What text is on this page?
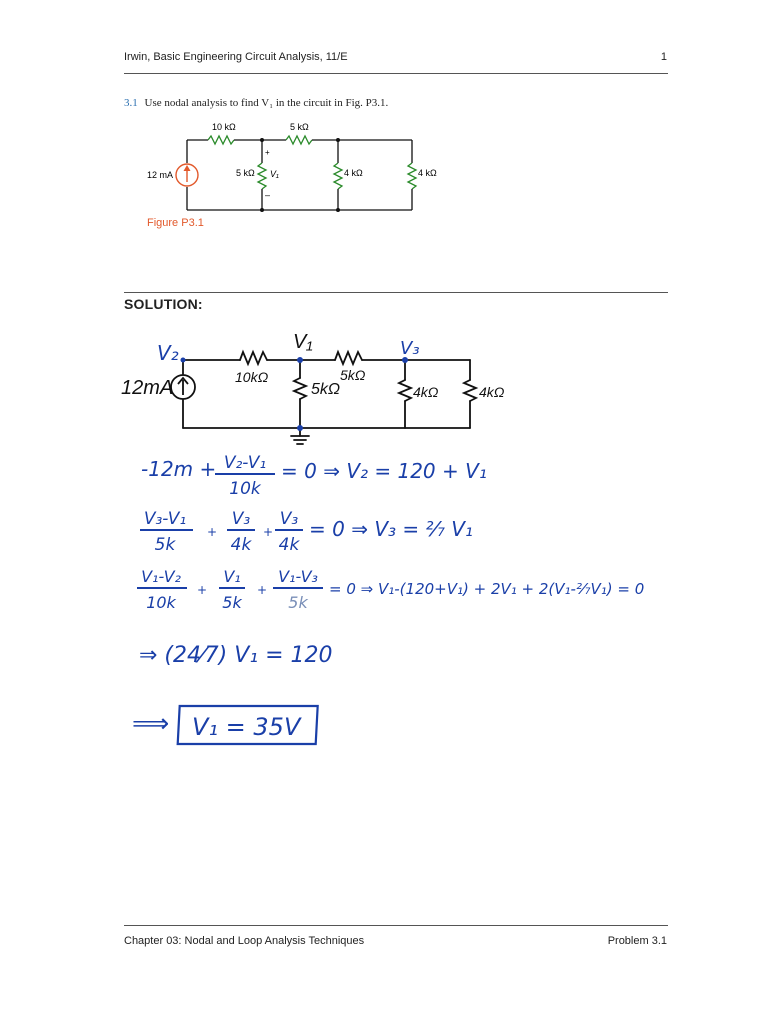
Irwin, Basic Engineering Circuit Analysis, 11/E	1
3.1 Use nodal analysis to find V₁ in the circuit in Fig. P3.1.
12 mA
10 kΩ	5 kΩ
5 kΩ
+
V₁
–
4 kΩ	4 kΩ
Figure P3.1
SOLUTION:
V₂	V₁	V₃
12mA	10kΩ
5kΩ
5kΩ
4kΩ	4kΩ
-12m + V₂-V₁
10k
= 0 ⇒ V₂ = 120 + V₁
V₃-V₁
5k
+
V₃
4k
+
V₃
4k
= 0 ⇒ V₃ = ²⁄₇ V₁
V₁-V₂
10k
+
V₁
5k
+
V₁-V₃
5k
= 0 ⇒ V₁-(120+V₁) + 2V₁ + 2(V₁-²⁄₇V₁) = 0
⇒ (24⁄7) V₁ = 120
⟹ V₁ = 35V
Chapter 03: Nodal and Loop Analysis Techniques	Problem 3.1
